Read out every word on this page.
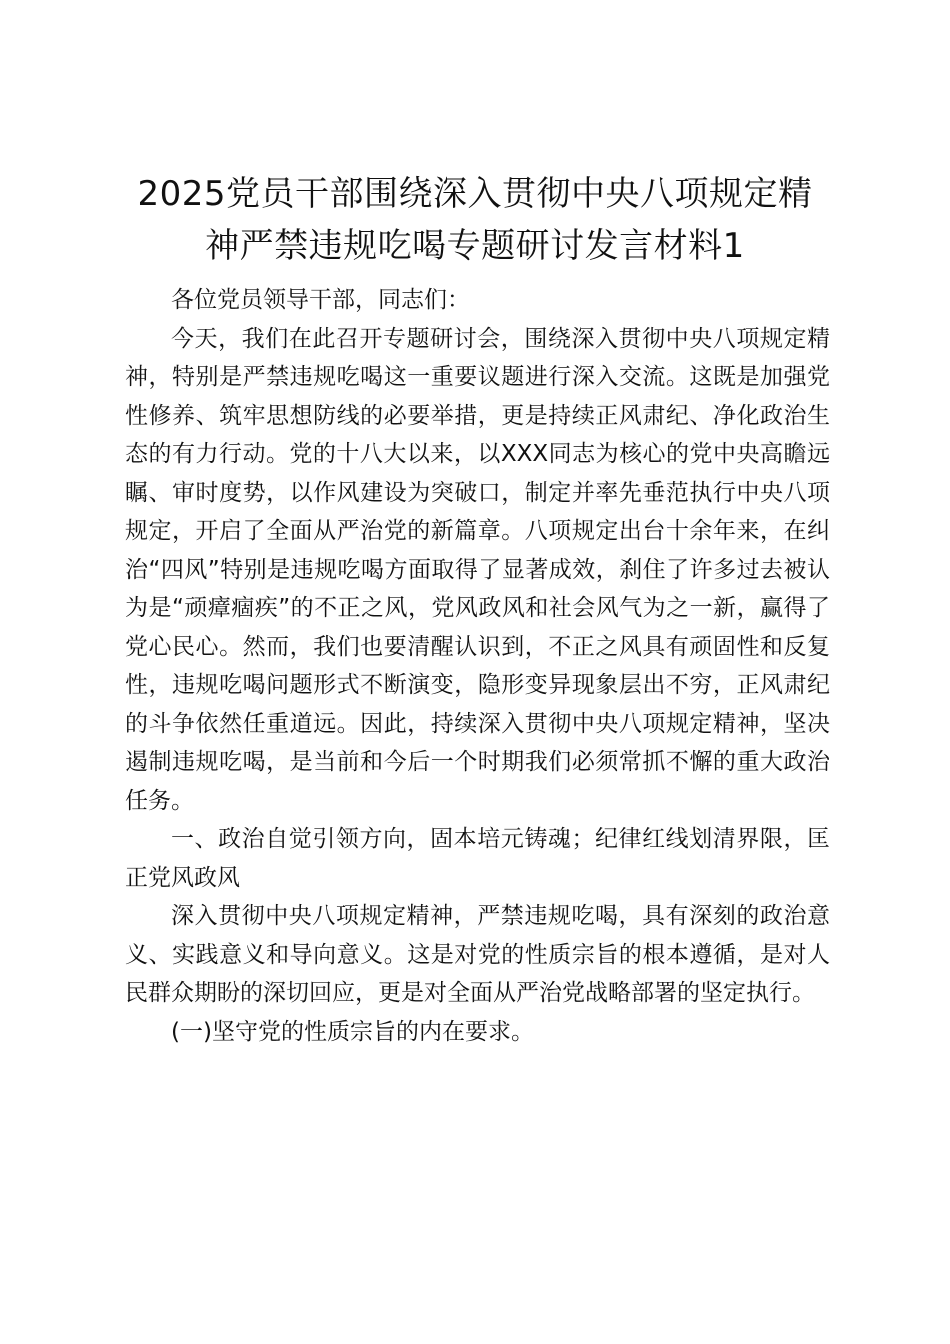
2025党员干部围绕深入贯彻中央八项规定精神严禁违规吃喝专题研讨发言材料1

各位党员领导干部，同志们：

今天，我们在此召开专题研讨会，围绕深入贯彻中央八项规定精神，特别是严禁违规吃喝这一重要议题进行深入交流。这既是加强党性修养、筑牢思想防线的必要举措，更是持续正风肃纪、净化政治生态的有力行动。党的十八大以来，以XXX同志为核心的党中央高瞻远瞩、审时度势，以作风建设为突破口，制定并率先垂范执行中央八项规定，开启了全面从严治党的新篇章。八项规定出台十余年来，在纠治“四风”特别是违规吃喝方面取得了显著成效，刹住了许多过去被认为是“顽瘴痼疾”的不正之风，党风政风和社会风气为之一新，赢得了党心民心。然而，我们也要清醒认识到，不正之风具有顽固性和反复性，违规吃喝问题形式不断演变，隐形变异现象层出不穷，正风肃纪的斗争依然任重道远。因此，持续深入贯彻中央八项规定精神，坚决遏制违规吃喝，是当前和今后一个时期我们必须常抓不懈的重大政治任务。

一、政治自觉引领方向，固本培元铸魂；纪律红线划清界限，匡正党风政风

深入贯彻中央八项规定精神，严禁违规吃喝，具有深刻的政治意义、实践意义和导向意义。这是对党的性质宗旨的根本遵循，是对人民群众期盼的深切回应，更是对全面从严治党战略部署的坚定执行。

(一)坚守党的性质宗旨的内在要求。
